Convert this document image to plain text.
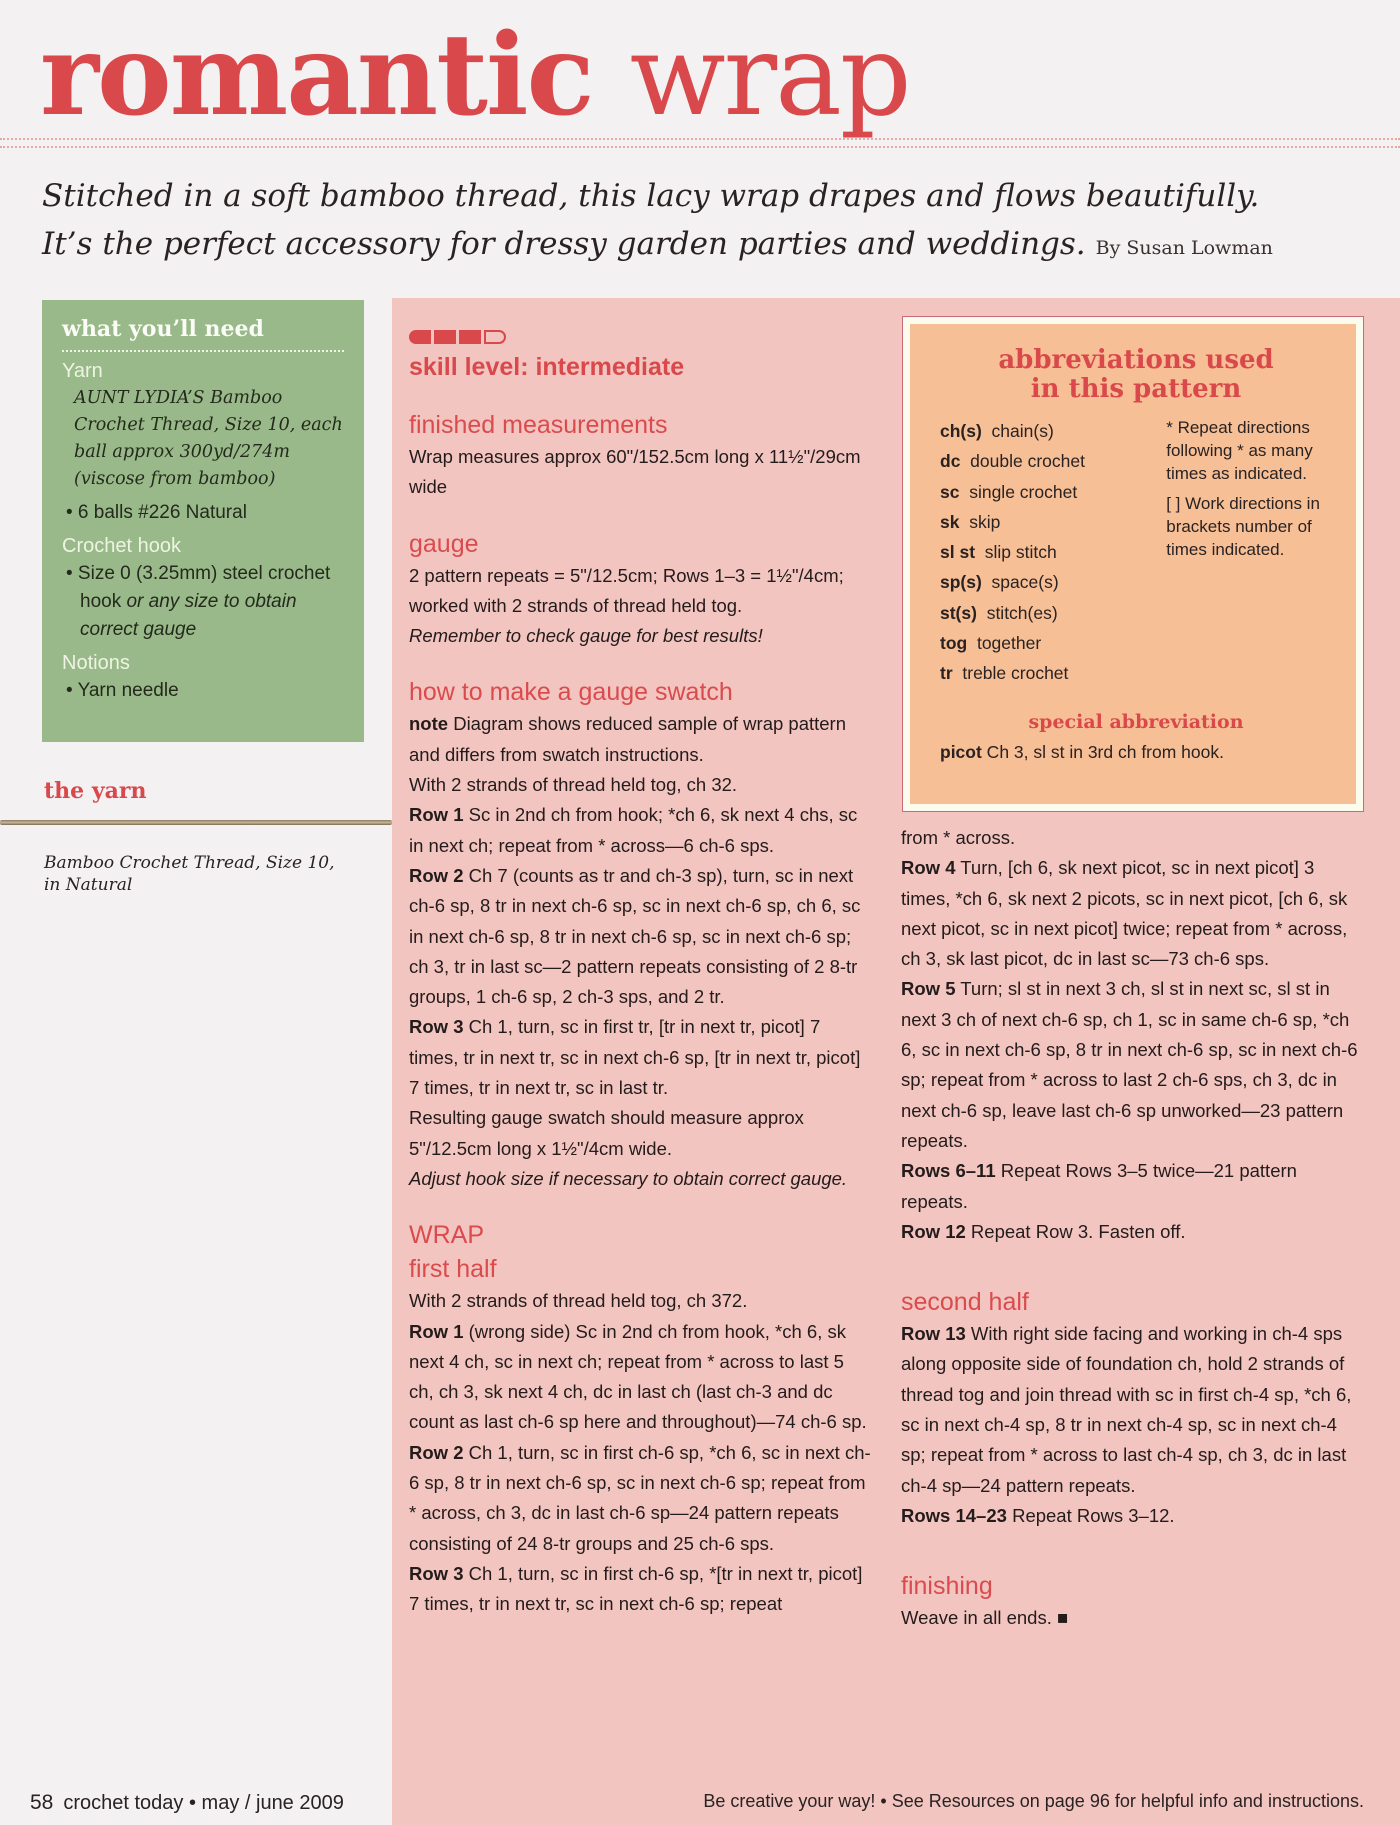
romantic wrap

Stitched in a soft bamboo thread, this lacy wrap drapes and flows beautifully.
It’s the perfect accessory for dressy garden parties and weddings. By Susan Lowman

what you’ll need

Yarn

AUNT LYDIA’S Bamboo Crochet Thread, Size 10, each ball approx 300yd/274m (viscose from bamboo)

• 6 balls #226 Natural

Crochet hook

• Size 0 (3.25mm) steel crochet hook or any size to obtain correct gauge

Notions

• Yarn needle

the yarn

Bamboo Crochet Thread, Size 10, in Natural

skill level: intermediate

finished measurements

Wrap measures approx 60"/152.5cm long x 11½"/29cm wide

gauge

2 pattern repeats = 5"/12.5cm; Rows 1–3 = 1½"/4cm; worked with 2 strands of thread held tog.

Remember to check gauge for best results!

how to make a gauge swatch

note Diagram shows reduced sample of wrap pattern and differs from swatch instructions.

With 2 strands of thread held tog, ch 32.

Row 1 Sc in 2nd ch from hook; *ch 6, sk next 4 chs, sc in next ch; repeat from * across—6 ch-6 sps.

Row 2 Ch 7 (counts as tr and ch-3 sp), turn, sc in next ch-6 sp, 8 tr in next ch-6 sp, sc in next ch-6 sp, ch 6, sc in next ch-6 sp, 8 tr in next ch-6 sp, sc in next ch-6 sp; ch 3, tr in last sc—2 pattern repeats consisting of 2 8-tr groups, 1 ch-6 sp, 2 ch-3 sps, and 2 tr.

Row 3 Ch 1, turn, sc in first tr, [tr in next tr, picot] 7 times, tr in next tr, sc in next ch-6 sp, [tr in next tr, picot] 7 times, tr in next tr, sc in last tr.

Resulting gauge swatch should measure approx 5"/12.5cm long x 1½"/4cm wide.

Adjust hook size if necessary to obtain correct gauge.

WRAP

first half

With 2 strands of thread held tog, ch 372.

Row 1 (wrong side) Sc in 2nd ch from hook, *ch 6, sk next 4 ch, sc in next ch; repeat from * across to last 5 ch, ch 3, sk next 4 ch, dc in last ch (last ch-3 and dc count as last ch-6 sp here and throughout)—74 ch-6 sp.

Row 2 Ch 1, turn, sc in first ch-6 sp, *ch 6, sc in next ch-6 sp, 8 tr in next ch-6 sp, sc in next ch-6 sp; repeat from * across, ch 3, dc in last ch-6 sp—24 pattern repeats consisting of 24 8-tr groups and 25 ch-6 sps.

Row 3 Ch 1, turn, sc in first ch-6 sp, *[tr in next tr, picot] 7 times, tr in next tr, sc in next ch-6 sp; repeat

abbreviations used
in this pattern
ch(s) chain(s)
dc double crochet
sc single crochet
sk skip
sl st slip stitch
sp(s) space(s)
st(s) stitch(es)
tog together
tr treble crochet

* Repeat directions following * as many times as indicated.

[ ] Work directions in brackets number of times indicated.

special abbreviation

picot Ch 3, sl st in 3rd ch from hook.

from * across.

Row 4 Turn, [ch 6, sk next picot, sc in next picot] 3 times, *ch 6, sk next 2 picots, sc in next picot, [ch 6, sk next picot, sc in next picot] twice; repeat from * across, ch 3, sk last picot, dc in last sc—73 ch-6 sps.

Row 5 Turn; sl st in next 3 ch, sl st in next sc, sl st in next 3 ch of next ch-6 sp, ch 1, sc in same ch-6 sp, *ch 6, sc in next ch-6 sp, 8 tr in next ch-6 sp, sc in next ch-6 sp; repeat from * across to last 2 ch-6 sps, ch 3, dc in next ch-6 sp, leave last ch-6 sp unworked—23 pattern repeats.

Rows 6–11 Repeat Rows 3–5 twice—21 pattern repeats.

Row 12 Repeat Row 3. Fasten off.

second half

Row 13 With right side facing and working in ch-4 sps along opposite side of foundation ch, hold 2 strands of thread tog and join thread with sc in first ch-4 sp, *ch 6, sc in next ch-4 sp, 8 tr in next ch-4 sp, sc in next ch-4 sp; repeat from * across to last ch-4 sp, ch 3, dc in last ch-4 sp—24 pattern repeats.

Rows 14–23 Repeat Rows 3–12.

finishing

Weave in all ends. ■

58 crochet today • may / june 2009	Be creative your way! • See Resources on page 96 for helpful info and instructions.
